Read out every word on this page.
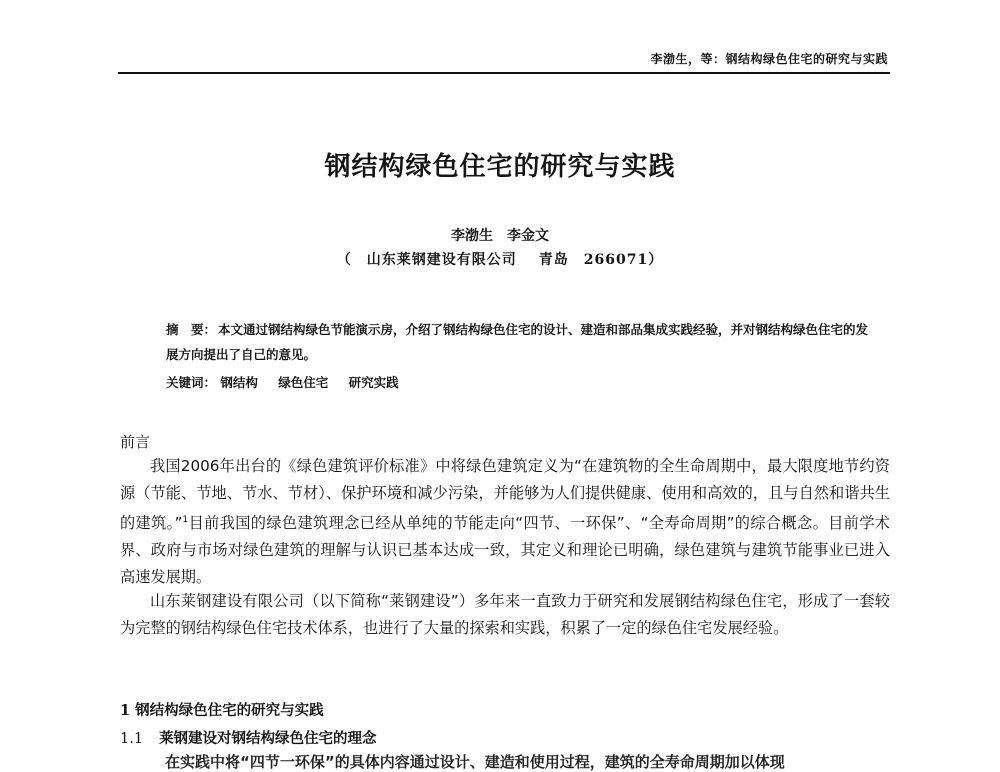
李渤生，等：钢结构绿色住宅的研究与实践
钢结构绿色住宅的研究与实践
李渤生　李金文
（　山东莱钢建设有限公司 青岛　266071）
摘　要： 本文通过钢结构绿色节能演示房，介绍了钢结构绿色住宅的设计、建造和部品集成实践经验，并对钢结构绿色住宅的发展方向提出了自己的意见。
关键词： 钢结构 绿色住宅 研究实践
前言
我国2006年出台的《绿色建筑评价标准》中将绿色建筑定义为“在建筑物的全生命周期中，最大限度地节约资源（节能、节地、节水、节材）、保护环境和减少污染，并能够为人们提供健康、使用和高效的，且与自然和谐共生的建筑。”$^1$目前我国的绿色建筑理念已经从单纯的节能走向“四节、一环保”、“全寿命周期”的综合概念。目前学术界、政府与市场对绿色建筑的理解与认识已基本达成一致，其定义和理论已明确，绿色建筑与建筑节能事业已进入高速发展期。
山东莱钢建设有限公司（以下简称“莱钢建设”）多年来一直致力于研究和发展钢结构绿色住宅，形成了一套较为完整的钢结构绿色住宅技术体系，也进行了大量的探索和实践，积累了一定的绿色住宅发展经验。
1 钢结构绿色住宅的研究与实践
1.1 莱钢建设对钢结构绿色住宅的理念
在实践中将“四节一环保”的具体内容通过设计、建造和使用过程，建筑的全寿命周期加以体现
